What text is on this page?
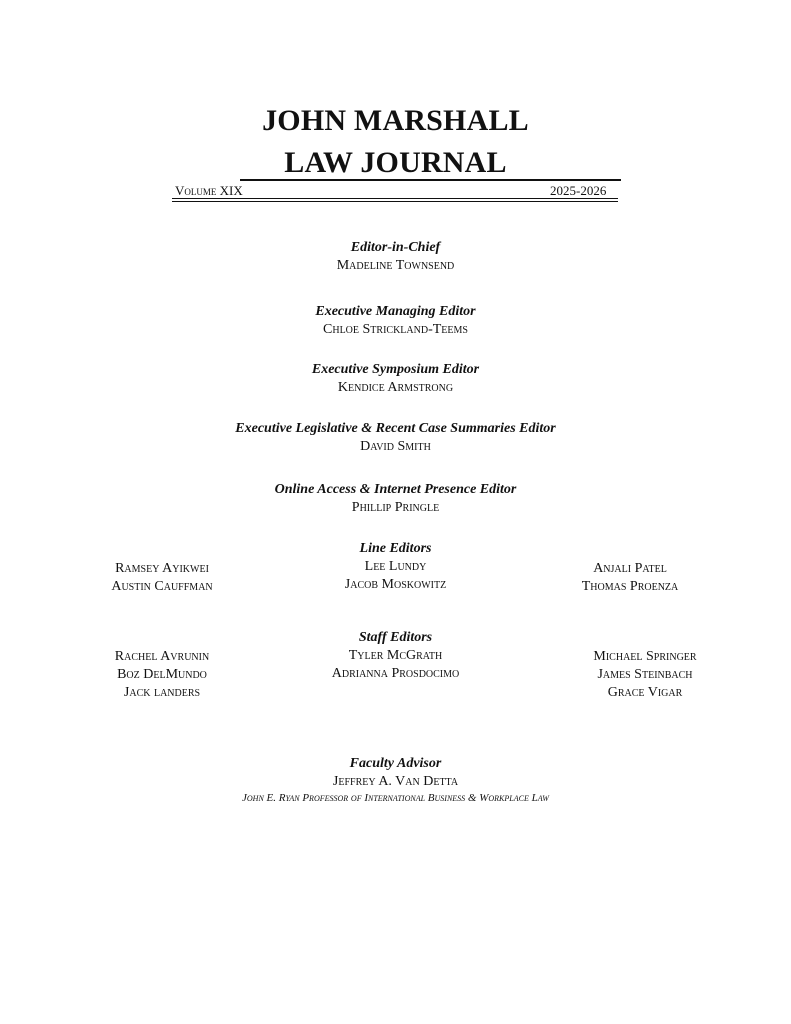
JOHN MARSHALL
LAW JOURNAL
Volume XIX	2025-2026
Editor-in-Chief
Madeline Townsend
Executive Managing Editor
Chloe Strickland-Teems
Executive Symposium Editor
Kendice Armstrong
Executive Legislative & Recent Case Summaries Editor
David Smith
Online Access & Internet Presence Editor
Phillip Pringle
Line Editors
Lee Lundy
Jacob Moskowitz
Ramsey Ayikwei
Austin Cauffman
Anjali Patel
Thomas Proenza
Staff Editors
Tyler McGrath
Adrianna Prosdocimo
Rachel Avrunin
Boz DelMundo
Jack landers
Michael Springer
James Steinbach
Grace Vigar
Faculty Advisor
Jeffrey A. Van Detta
John E. Ryan Professor of International Business & Workplace Law
